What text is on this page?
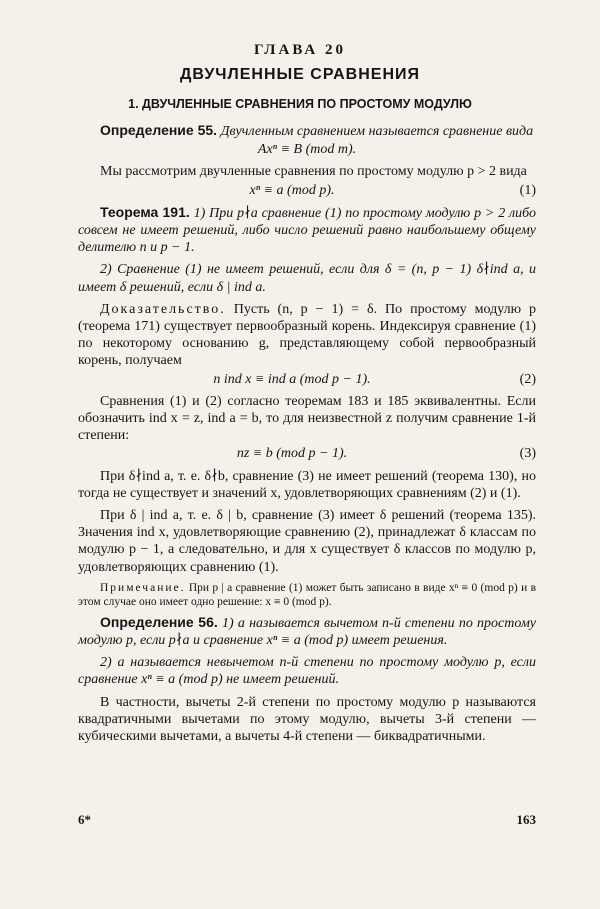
ГЛАВА 20
ДВУЧЛЕННЫЕ СРАВНЕНИЯ
1. ДВУЧЛЕННЫЕ СРАВНЕНИЯ ПО ПРОСТОМУ МОДУЛЮ

Определение 55. Двучленным сравнением называется сравнение вида

Axⁿ ≡ B (mod m).

Мы рассмотрим двучленные сравнения по простому модулю p > 2 вида

xⁿ ≡ a (mod p).	(1)

Теорема 191. 1) При p∤a сравнение (1) по простому модулю p > 2 либо совсем не имеет решений, либо число решений равно наибольшему общему делителю n и p − 1.

2) Сравнение (1) не имеет решений, если для δ = (n, p − 1) δ∤ind a, и имеет δ решений, если δ | ind a.

Доказательство. Пусть (n, p − 1) = δ. По простому модулю p (теорема 171) существует первообразный корень. Индексируя сравнение (1) по некоторому основанию g, представляющему собой первообразный корень, получаем

n ind x ≡ ind a (mod p − 1).	(2)

Сравнения (1) и (2) согласно теоремам 183 и 185 эквивалентны. Если обозначить ind x = z, ind a = b, то для неизвестной z получим сравнение 1-й степени:

nz ≡ b (mod p − 1).	(3)

При δ∤ind a, т. е. δ∤b, сравнение (3) не имеет решений (теорема 130), но тогда не существует и значений x, удовлетворяющих сравнениям (2) и (1).

При δ | ind a, т. е. δ | b, сравнение (3) имеет δ решений (теорема 135). Значения ind x, удовлетворяющие сравнению (2), принадлежат δ классам по модулю p − 1, а следовательно, и для x существует δ классов по модулю p, удовлетворяющих сравнению (1).

Примечание. При p | a сравнение (1) может быть записано в виде xⁿ ≡ 0 (mod p) и в этом случае оно имеет одно решение: x ≡ 0 (mod p).

Определение 56. 1) a называется вычетом n-й степени по простому модулю p, если p∤a и сравнение xⁿ ≡ a (mod p) имеет решения.

2) a называется невычетом n-й степени по простому модулю p, если сравнение xⁿ ≡ a (mod p) не имеет решений.

В частности, вычеты 2-й степени по простому модулю p называются квадратичными вычетами по этому модулю, вычеты 3-й степени — кубическими вычетами, а вычеты 4-й степени — биквадратичными.

6*	163
